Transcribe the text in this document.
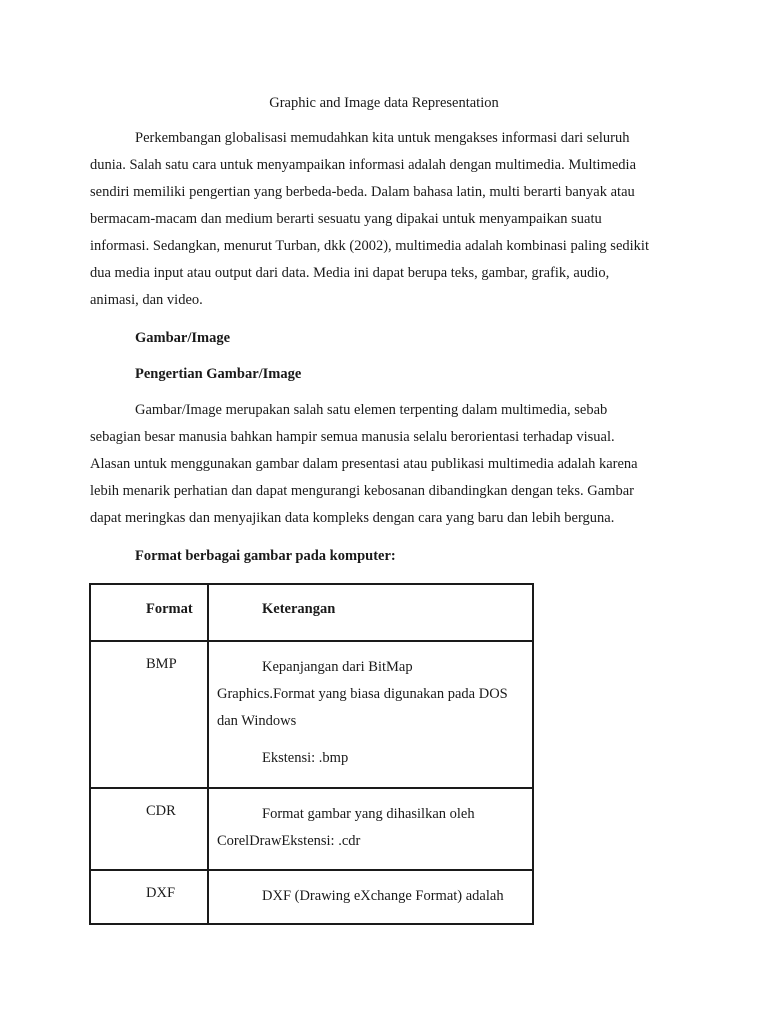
Graphic and Image data Representation

Perkembangan globalisasi memudahkan kita untuk mengakses informasi dari seluruh
dunia. Salah satu cara untuk menyampaikan informasi adalah dengan multimedia. Multimedia
sendiri memiliki pengertian yang berbeda-beda. Dalam bahasa latin, multi berarti banyak atau
bermacam-macam dan medium berarti sesuatu yang dipakai untuk menyampaikan suatu
informasi. Sedangkan, menurut Turban, dkk (2002), multimedia adalah kombinasi paling sedikit
dua media input atau output dari data. Media ini dapat berupa teks, gambar, grafik, audio,
animasi, dan video.

Gambar/Image
Pengertian Gambar/Image

Gambar/Image merupakan salah satu elemen terpenting dalam multimedia, sebab
sebagian besar manusia bahkan hampir semua manusia selalu berorientasi terhadap visual.
Alasan untuk menggunakan gambar dalam presentasi atau publikasi multimedia adalah karena
lebih menarik perhatian dan dapat mengurangi kebosanan dibandingkan dengan teks. Gambar
dapat meringkas dan menyajikan data kompleks dengan cara yang baru dan lebih berguna.

Format berbagai gambar pada komputer:
Format	Keterangan

BMP	Kepanjangan dari BitMap
Graphics.Format yang biasa digunakan pada DOS
dan Windows
Ekstensi: .bmp

CDR	Format gambar yang dihasilkan oleh
CorelDrawEkstensi: .cdr

DXF	DXF (Drawing eXchange Format) adalah
